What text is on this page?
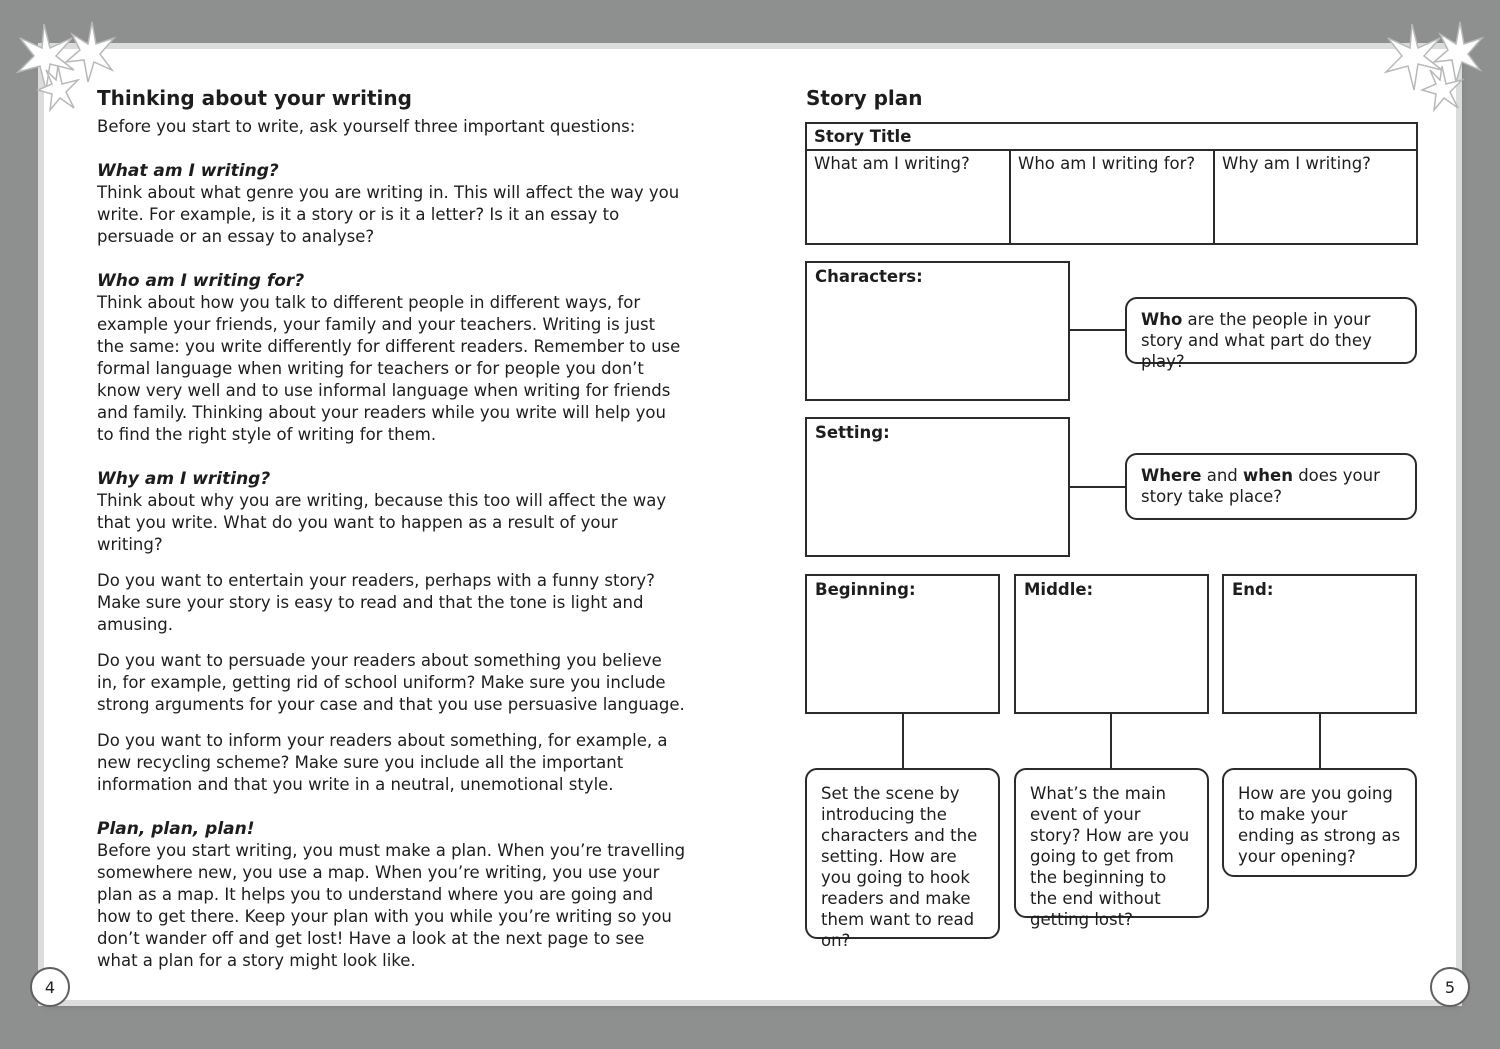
Thinking about your writing

Before you start to write, ask yourself three important questions:

What am I writing?

Think about what genre you are writing in. This will affect the way you write. For example, is it a story or is it a letter? Is it an essay to persuade or an essay to analyse?

Who am I writing for?

Think about how you talk to different people in different ways, for example your friends, your family and your teachers. Writing is just the same: you write differently for different readers. Remember to use formal language when writing for teachers or for people you don’t know very well and to use informal language when writing for friends and family. Thinking about your readers while you write will help you to find the right style of writing for them.

Why am I writing?

Think about why you are writing, because this too will affect the way that you write. What do you want to happen as a result of your writing?

Do you want to entertain your readers, perhaps with a funny story? Make sure your story is easy to read and that the tone is light and amusing.

Do you want to persuade your readers about something you believe in, for example, getting rid of school uniform? Make sure you include strong arguments for your case and that you use persuasive language.

Do you want to inform your readers about something, for example, a new recycling scheme? Make sure you include all the important information and that you write in a neutral, unemotional style.

Plan, plan, plan!

Before you start writing, you must make a plan. When you’re travelling somewhere new, you use a map. When you’re writing, you use your plan as a map. It helps you to understand where you are going and how to get there. Keep your plan with you while you’re writing so you don’t wander off and get lost! Have a look at the next page to see what a plan for a story might look like.

Story plan
Story Title
What am I writing?	Who am I writing for?	Why am I writing?
Characters:
Who are the people in your story and what part do they play?
Setting:
Where and when does your story take place?
Beginning:	Middle:	End:
Set the scene by introducing the characters and the setting. How are you going to hook readers and make them want to read on?
What’s the main event of your story? How are you going to get from the beginning to the end without getting lost?
How are you going to make your ending as strong as your opening?
4	5
